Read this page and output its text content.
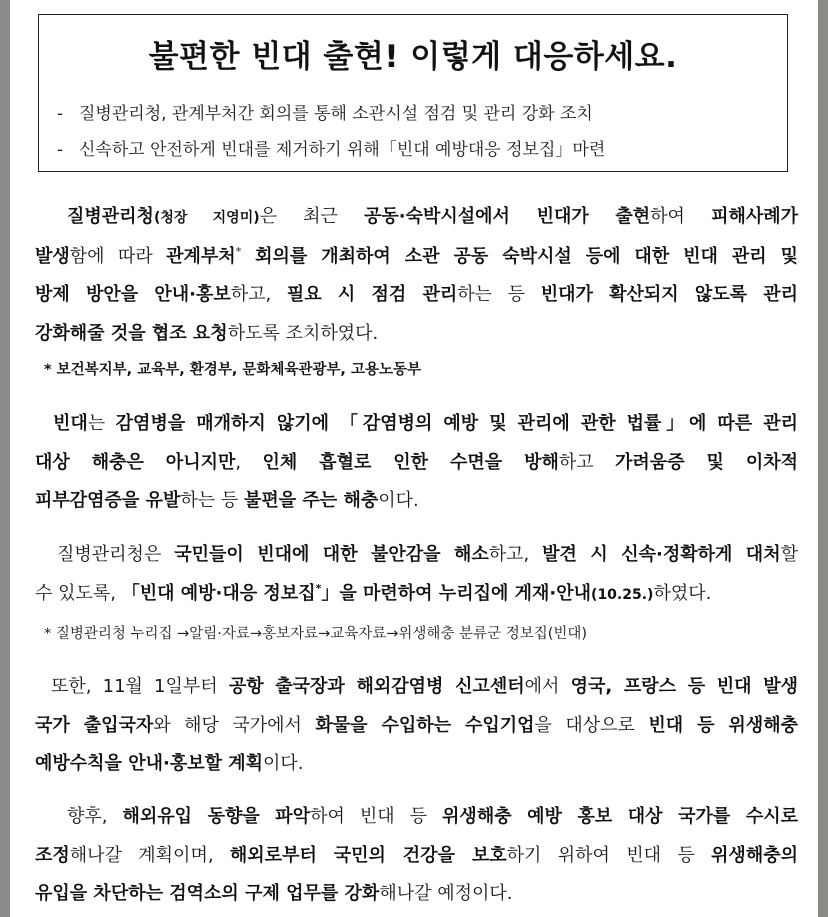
불편한 빈대 출현! 이렇게 대응하세요.
- 질병관리청, 관계부처간 회의를 통해 소관시설 점검 및 관리 강화 조치
- 신속하고 안전하게 빈대를 제거하기 위해「빈대 예방대응 정보집」마련
질병관리청(청장 지영미)은 최근 공동·숙박시설에서 빈대가 출현하여 피해사례가
발생함에 따라 관계부처* 회의를 개최하여 소관 공동 숙박시설 등에 대한 빈대 관리 및
방제 방안을 안내·홍보하고, 필요 시 점검 관리하는 등 빈대가 확산되지 않도록 관리
강화해줄 것을 협조 요청하도록 조치하였다.
* 보건복지부, 교육부, 환경부, 문화체육관광부, 고용노동부
빈대는 감염병을 매개하지 않기에 「감염병의 예방 및 관리에 관한 법률」에 따른 관리
대상 해충은 아니지만, 인체 흡혈로 인한 수면을 방해하고 가려움증 및 이차적
피부감염증을 유발하는 등 불편을 주는 해충이다.
질병관리청은 국민들이 빈대에 대한 불안감을 해소하고, 발견 시 신속·정확하게 대처할
수 있도록, 「빈대 예방·대응 정보집*」을 마련하여 누리집에 게재·안내(10.25.)하였다.
* 질병관리청 누리집 →알림·자료→홍보자료→교육자료→위생해충 분류군 정보집(빈대)
또한, 11월 1일부터 공항 출국장과 해외감염병 신고센터에서 영국, 프랑스 등 빈대 발생
국가 출입국자와 해당 국가에서 화물을 수입하는 수입기업을 대상으로 빈대 등 위생해충
예방수칙을 안내·홍보할 계획이다.
향후, 해외유입 동향을 파악하여 빈대 등 위생해충 예방 홍보 대상 국가를 수시로
조정해나갈 계획이며, 해외로부터 국민의 건강을 보호하기 위하여 빈대 등 위생해충의
유입을 차단하는 검역소의 구제 업무를 강화해나갈 예정이다.
